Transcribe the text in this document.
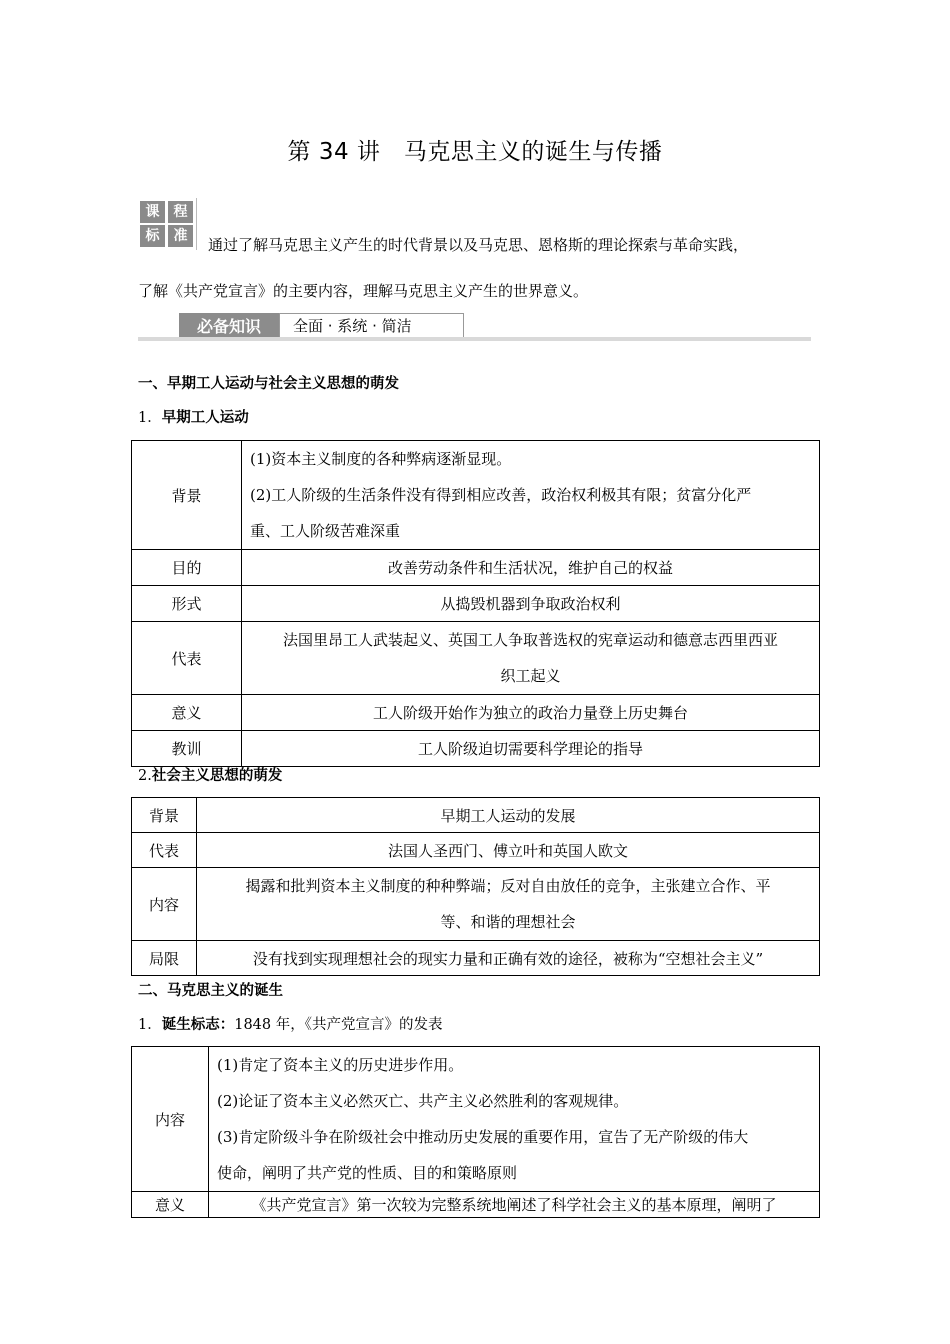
第 34 讲　马克思主义的诞生与传播
课	程
标	准	通过了解马克思主义产生的时代背景以及马克思、恩格斯的理论探索与革命实践，
了解《共产党宣言》的主要内容，理解马克思主义产生的世界意义。
必备知识	全面 · 系统 · 简洁
一、早期工人运动与社会主义思想的萌发
1．早期工人运动
背景	(1)资本主义制度的各种弊病逐渐显现。
(2)工人阶级的生活条件没有得到相应改善，政治权利极其有限；贫富分化严
重、工人阶级苦难深重

目的	改善劳动条件和生活状况，维护自己的权益
形式	从捣毁机器到争取政治权利
代表	法国里昂工人武装起义、英国工人争取普选权的宪章运动和德意志西里西亚
织工起义

意义	工人阶级开始作为独立的政治力量登上历史舞台
教训	工人阶级迫切需要科学理论的指导
2.社会主义思想的萌发
背景	早期工人运动的发展
代表	法国人圣西门、傅立叶和英国人欧文
内容	揭露和批判资本主义制度的种种弊端；反对自由放任的竞争，主张建立合作、平
等、和谐的理想社会

局限	没有找到实现理想社会的现实力量和正确有效的途径，被称为“空想社会主义”
二、马克思主义的诞生
1．诞生标志：1848 年，《共产党宣言》的发表
内容	(1)肯定了资本主义的历史进步作用。
(2)论证了资本主义必然灭亡、共产主义必然胜利的客观规律。
(3)肯定阶级斗争在阶级社会中推动历史发展的重要作用，宣告了无产阶级的伟大
使命，阐明了共产党的性质、目的和策略原则

意义	《共产党宣言》第一次较为完整系统地阐述了科学社会主义的基本原理，阐明了
